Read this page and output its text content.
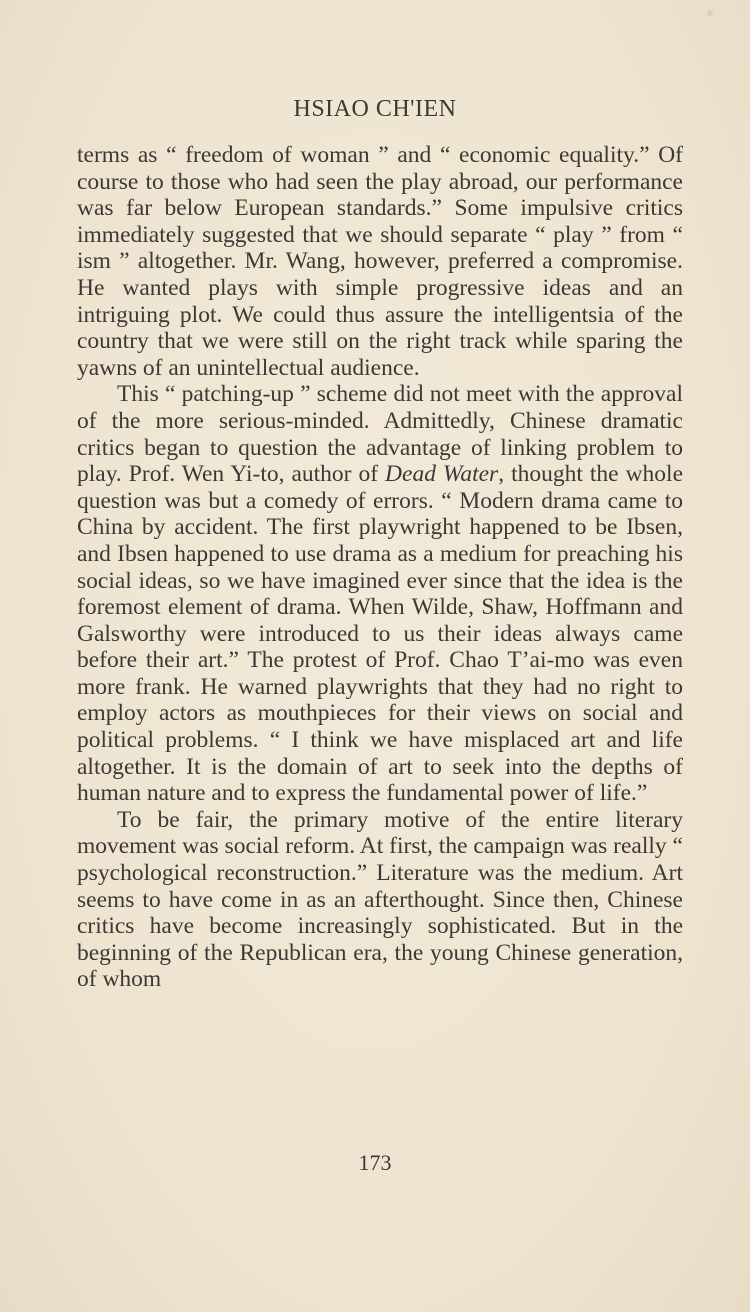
HSIAO CH'IEN

terms as “ freedom of woman ” and “ economic equality.” Of course to those who had seen the play abroad, our performance was far below European standards.” Some impulsive critics immediately suggested that we should separate “ play ” from “ ism ” altogether. Mr. Wang, however, preferred a compromise. He wanted plays with simple progressive ideas and an intriguing plot. We could thus assure the intelligentsia of the country that we were still on the right track while sparing the yawns of an unintellectual audience.

This “ patching-up ” scheme did not meet with the approval of the more serious-minded. Admittedly, Chinese dramatic critics began to question the advantage of linking problem to play. Prof. Wen Yi-to, author of Dead Water, thought the whole question was but a comedy of errors. “ Modern drama came to China by accident. The first playwright happened to be Ibsen, and Ibsen happened to use drama as a medium for preaching his social ideas, so we have imagined ever since that the idea is the foremost element of drama. When Wilde, Shaw, Hoffmann and Galsworthy were introduced to us their ideas always came before their art.” The protest of Prof. Chao T’ai-mo was even more frank. He warned playwrights that they had no right to employ actors as mouthpieces for their views on social and political problems. “ I think we have misplaced art and life altogether. It is the domain of art to seek into the depths of human nature and to express the fundamental power of life.”

To be fair, the primary motive of the entire literary movement was social reform. At first, the campaign was really “ psychological reconstruction.” Literature was the medium. Art seems to have come in as an afterthought. Since then, Chinese critics have become increasingly sophisticated. But in the beginning of the Republican era, the young Chinese generation, of whom

173
